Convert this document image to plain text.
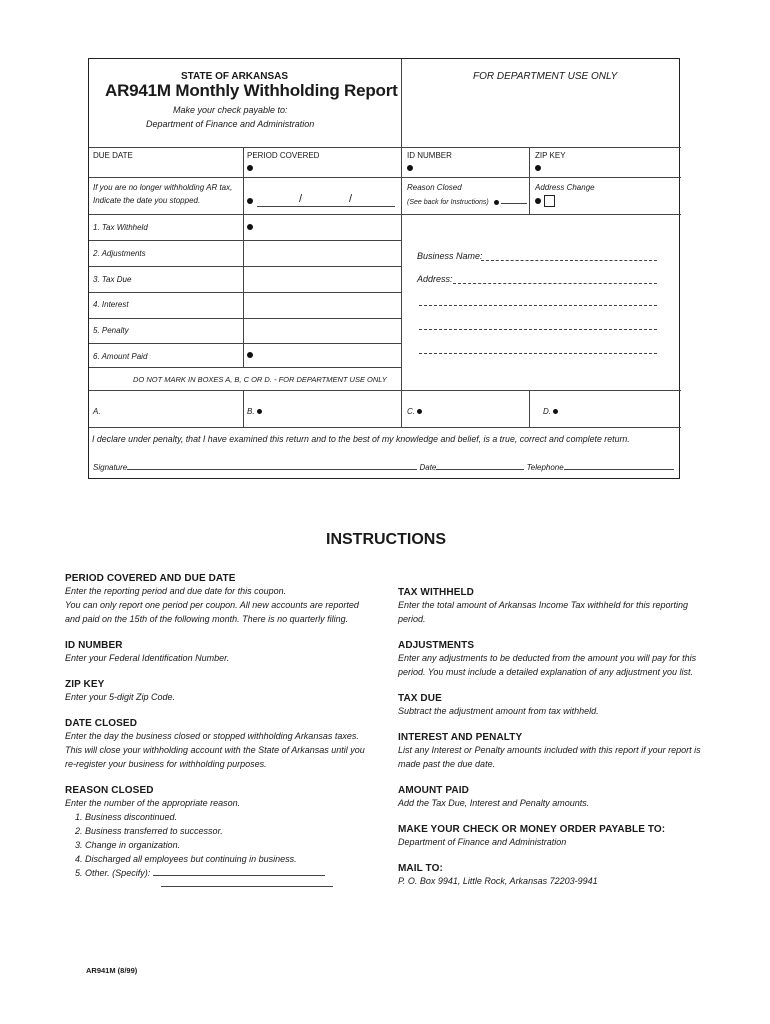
STATE OF ARKANSAS
AR941M Monthly Withholding Report
Make your check payable to:
Department of Finance and Administration
FOR DEPARTMENT USE ONLY
DUE DATE	PERIOD COVERED	ID NUMBER	ZIP KEY
If you are no longer withholding AR tax,
Indicate the date you stopped.	/	/
Reason Closed
(See back for Instructions)
Address Change
1. Tax Withheld
2. Adjustments
3. Tax Due
4. Interest
5. Penalty
6. Amount Paid
Business Name:
Address:
DO NOT MARK IN BOXES A, B, C OR D. - FOR DEPARTMENT USE ONLY
A.	B.	C.	D.
I declare under penalty, that I have examined this return and to the best of my knowledge and belief, is a true, correct and complete return.
Signature	Date	Telephone
INSTRUCTIONS
PERIOD COVERED AND DUE DATE
Enter the reporting period and due date for this coupon.
You can only report one period per coupon. All new accounts are reported
and paid on the 15th of the following month. There is no quarterly filing.
ID NUMBER
Enter your Federal Identification Number.
ZIP KEY
Enter your 5-digit Zip Code.
DATE CLOSED
Enter the day the business closed or stopped withholding Arkansas taxes.
This will close your withholding account with the State of Arkansas until you
re-register your business for withholding purposes.
REASON CLOSED
Enter the number of the appropriate reason.
1. Business discontinued.
2. Business transferred to successor.
3. Change in organization.
4. Discharged all employees but continuing in business.
5. Other. (Specify):
TAX WITHHELD
Enter the total amount of Arkansas Income Tax withheld for this reporting
period.
ADJUSTMENTS
Enter any adjustments to be deducted from the amount you will pay for this
period. You must include a detailed explanation of any adjustment you list.
TAX DUE
Subtract the adjustment amount from tax withheld.
INTEREST AND PENALTY
List any Interest or Penalty amounts included with this report if your report is
made past the due date.
AMOUNT PAID
Add the Tax Due, Interest and Penalty amounts.
MAKE YOUR CHECK OR MONEY ORDER PAYABLE TO:
Department of Finance and Administration
MAIL TO:
P. O. Box 9941, Little Rock, Arkansas 72203-9941
AR941M (8/99)
